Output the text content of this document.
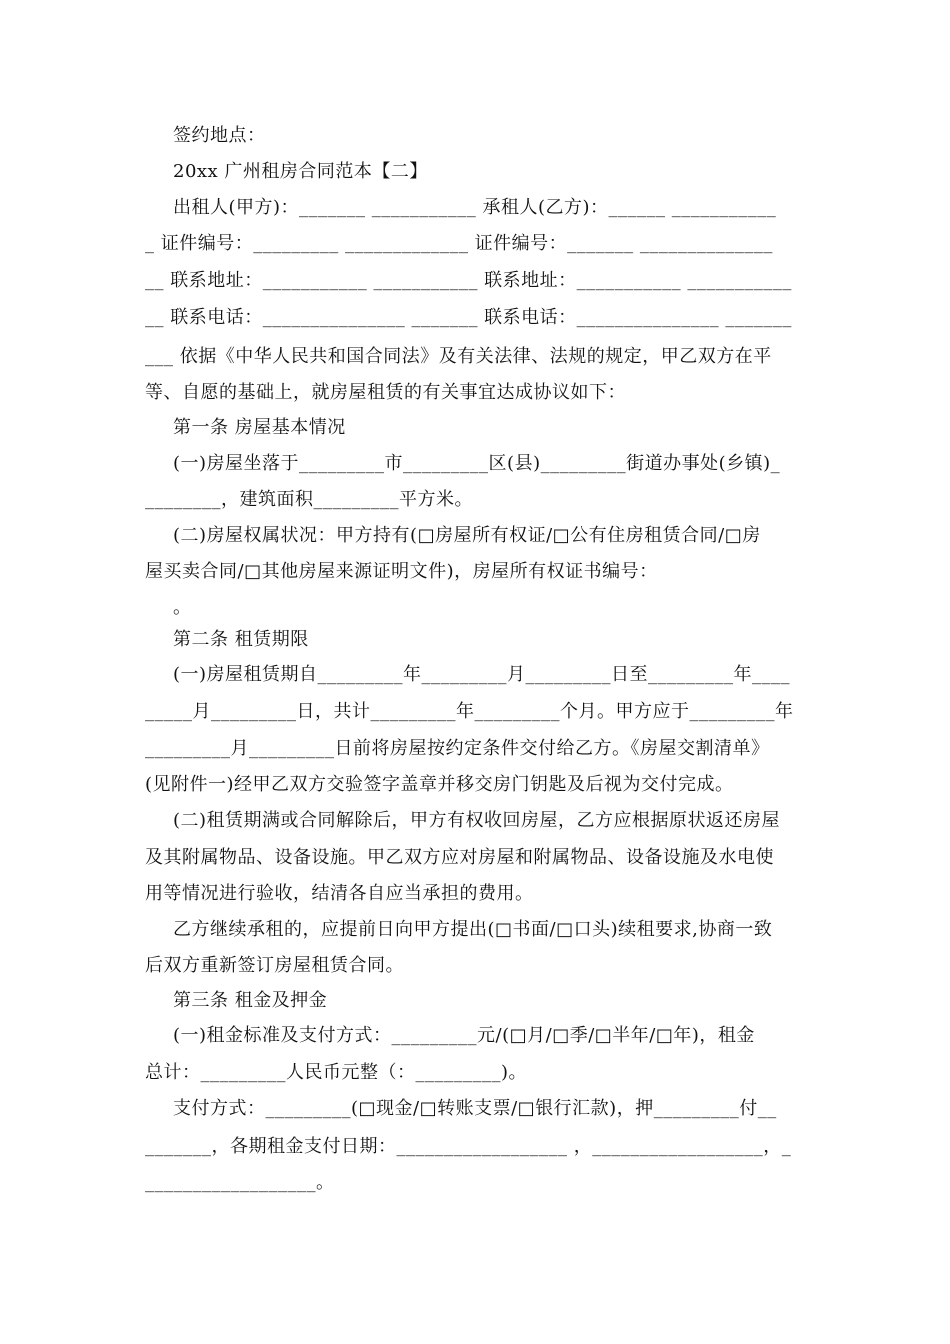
签约地点：
20xx 广州租房合同范本【二】
出租人(甲方)：_______ ___________ 承租人(乙方)：______ ___________
_ 证件编号：_________ _____________ 证件编号：_______ ______________
__ 联系地址：___________ ___________ 联系地址：___________ ___________
__ 联系电话：_______________ _______ 联系电话：_______________ _______
___ 依据《中华人民共和国合同法》及有关法律、法规的规定，甲乙双方在平
等、自愿的基础上，就房屋租赁的有关事宜达成协议如下：
第一条 房屋基本情况
(一)房屋坐落于_________市_________区(县)_________街道办事处(乡镇)_
________，建筑面积_________平方米。
(二)房屋权属状况：甲方持有(□房屋所有权证/□公有住房租赁合同/□房
屋买卖合同/□其他房屋来源证明文件)，房屋所有权证书编号：
。
第二条 租赁期限
(一)房屋租赁期自_________年_________月_________日至_________年____
_____月_________日，共计_________年_________个月。甲方应于_________年
_________月_________日前将房屋按约定条件交付给乙方。《房屋交割清单》
(见附件一)经甲乙双方交验签字盖章并移交房门钥匙及后视为交付完成。
(二)租赁期满或合同解除后，甲方有权收回房屋，乙方应根据原状返还房屋
及其附属物品、设备设施。甲乙双方应对房屋和附属物品、设备设施及水电使
用等情况进行验收，结清各自应当承担的费用。
乙方继续承租的，应提前日向甲方提出(□书面/□口头)续租要求,协商一致
后双方重新签订房屋租赁合同。
第三条 租金及押金
(一)租金标准及支付方式：_________元/(□月/□季/□半年/□年)，租金
总计：_________人民币元整（：_________)。
支付方式：_________(□现金/□转账支票/□银行汇款)，押_________付__
_______，各期租金支付日期：__________________ ，__________________，_
__________________。
